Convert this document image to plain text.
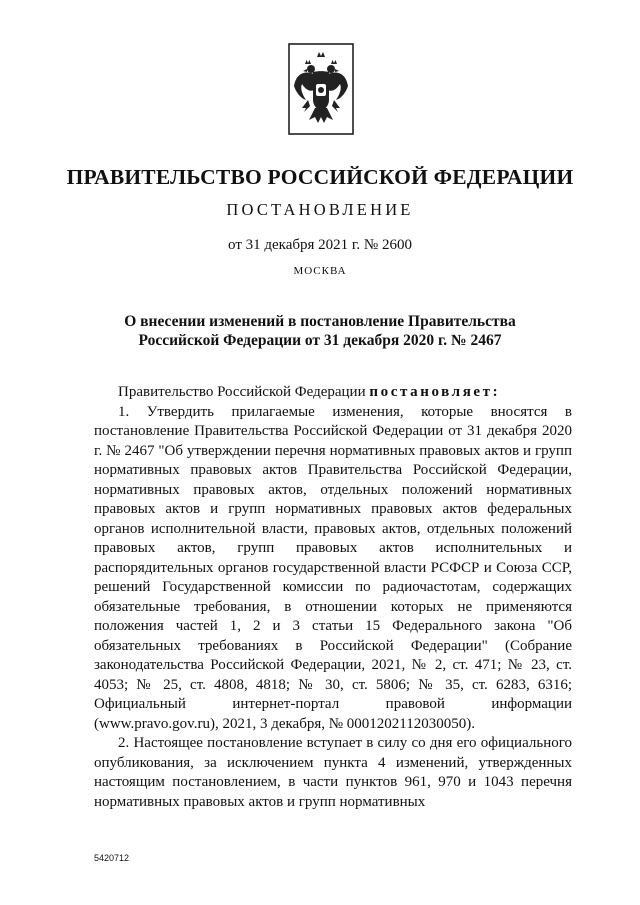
ПРАВИТЕЛЬСТВО РОССИЙСКОЙ ФЕДЕРАЦИИ
ПОСТАНОВЛЕНИЕ
от 31 декабря 2021 г. № 2600
МОСКВА
О внесении изменений в постановление Правительства
Российской Федерации от 31 декабря 2020 г. № 2467

Правительство Российской Федерации постановляет:

1. Утвердить прилагаемые изменения, которые вносятся в постановление Правительства Российской Федерации от 31 декабря 2020 г. № 2467 "Об утверждении перечня нормативных правовых актов и групп нормативных правовых актов Правительства Российской Федерации, нормативных правовых актов, отдельных положений нормативных правовых актов и групп нормативных правовых актов федеральных органов исполнительной власти, правовых актов, отдельных положений правовых актов, групп правовых актов исполнительных и распорядительных органов государственной власти РСФСР и Союза ССР, решений Государственной комиссии по радиочастотам, содержащих обязательные требования, в отношении которых не применяются положения частей 1, 2 и 3 статьи 15 Федерального закона "Об обязательных требованиях в Российской Федерации" (Собрание законодательства Российской Федерации, 2021, № 2, ст. 471; № 23, ст. 4053; № 25, ст. 4808, 4818; № 30, ст. 5806; № 35, ст. 6283, 6316; Официальный интернет-портал правовой информации (www.pravo.gov.ru), 2021, 3 декабря, № 0001202112030050).

2. Настоящее постановление вступает в силу со дня его официального опубликования, за исключением пункта 4 изменений, утвержденных настоящим постановлением, в части пунктов 961, 970 и 1043 перечня нормативных правовых актов и групп нормативных

5420712
